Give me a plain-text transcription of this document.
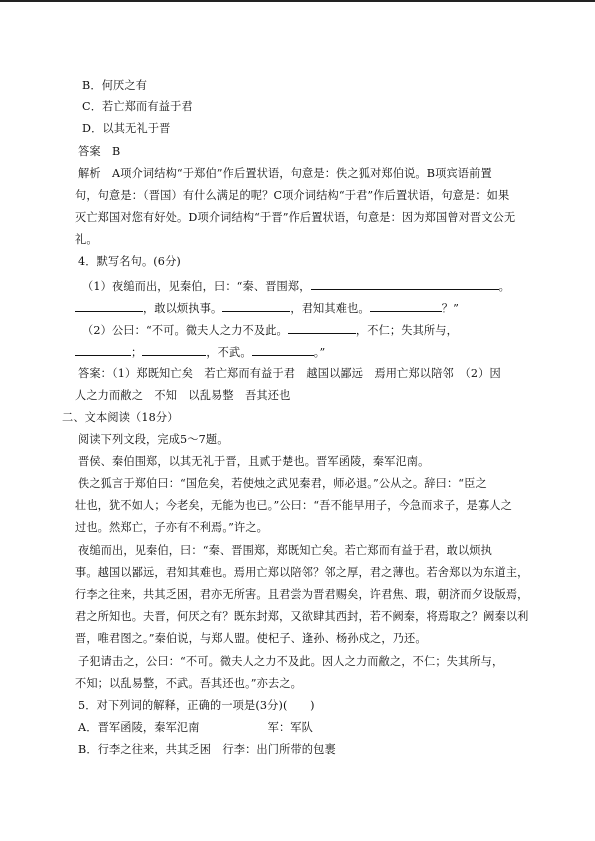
B．何厌之有
C．若亡郑而有益于君
D．以其无礼于晋
答案　B
解析　A项介词结构“于郑伯”作后置状语，句意是：佚之狐对郑伯说。B项宾语前置
句，句意是：（晋国）有什么满足的呢？C项介词结构“于君”作后置状语，句意是：如果
灭亡郑国对您有好处。D项介词结构“于晋”作后置状语，句意是：因为郑国曾对晋文公无
礼。
4．默写名句。(6分)
（1）夜缒而出，见秦伯，曰：“秦、晋围郑，	。
，敢以烦执事。	，君知其难也。	？”
（2）公曰：“不可。微夫人之力不及此。	，不仁；失其所与，
；	，不武。	。”
答案：（1）郑既知亡矣　若亡郑而有益于君　越国以鄙远　焉用亡郑以陪邻　（2）因
人之力而敝之　不知　以乱易整　吾其还也
二、文本阅读（18分）
阅读下列文段，完成5～7题。
晋侯、秦伯围郑，以其无礼于晋，且贰于楚也。晋军函陵，秦军氾南。
佚之狐言于郑伯曰：“国危矣，若使烛之武见秦君，师必退。”公从之。辞曰：“臣之
壮也，犹不如人；今老矣，无能为也已。”公曰：“吾不能早用子，今急而求子，是寡人之
过也。然郑亡，子亦有不利焉。”许之。
夜缒而出，见秦伯，曰：“秦、晋围郑，郑既知亡矣。若亡郑而有益于君，敢以烦执
事。越国以鄙远，君知其难也。焉用亡郑以陪邻？邻之厚，君之薄也。若舍郑以为东道主，
行李之往来，共其乏困，君亦无所害。且君尝为晋君赐矣，许君焦、瑕，朝济而夕设版焉，
君之所知也。夫晋，何厌之有？既东封郑，又欲肆其西封，若不阙秦，将焉取之？阙秦以利
晋，唯君图之。”秦伯说，与郑人盟。使杞子、逢孙、杨孙戍之，乃还。
子犯请击之，公曰：“不可。微夫人之力不及此。因人之力而敝之，不仁；失其所与，
不知；以乱易整，不武。吾其还也。”亦去之。
5．对下列词的解释，正确的一项是(3分)(　　)
A．晋军函陵，秦军氾南	军：军队
B．行李之往来，共其乏困　行李：出门所带的包裹
